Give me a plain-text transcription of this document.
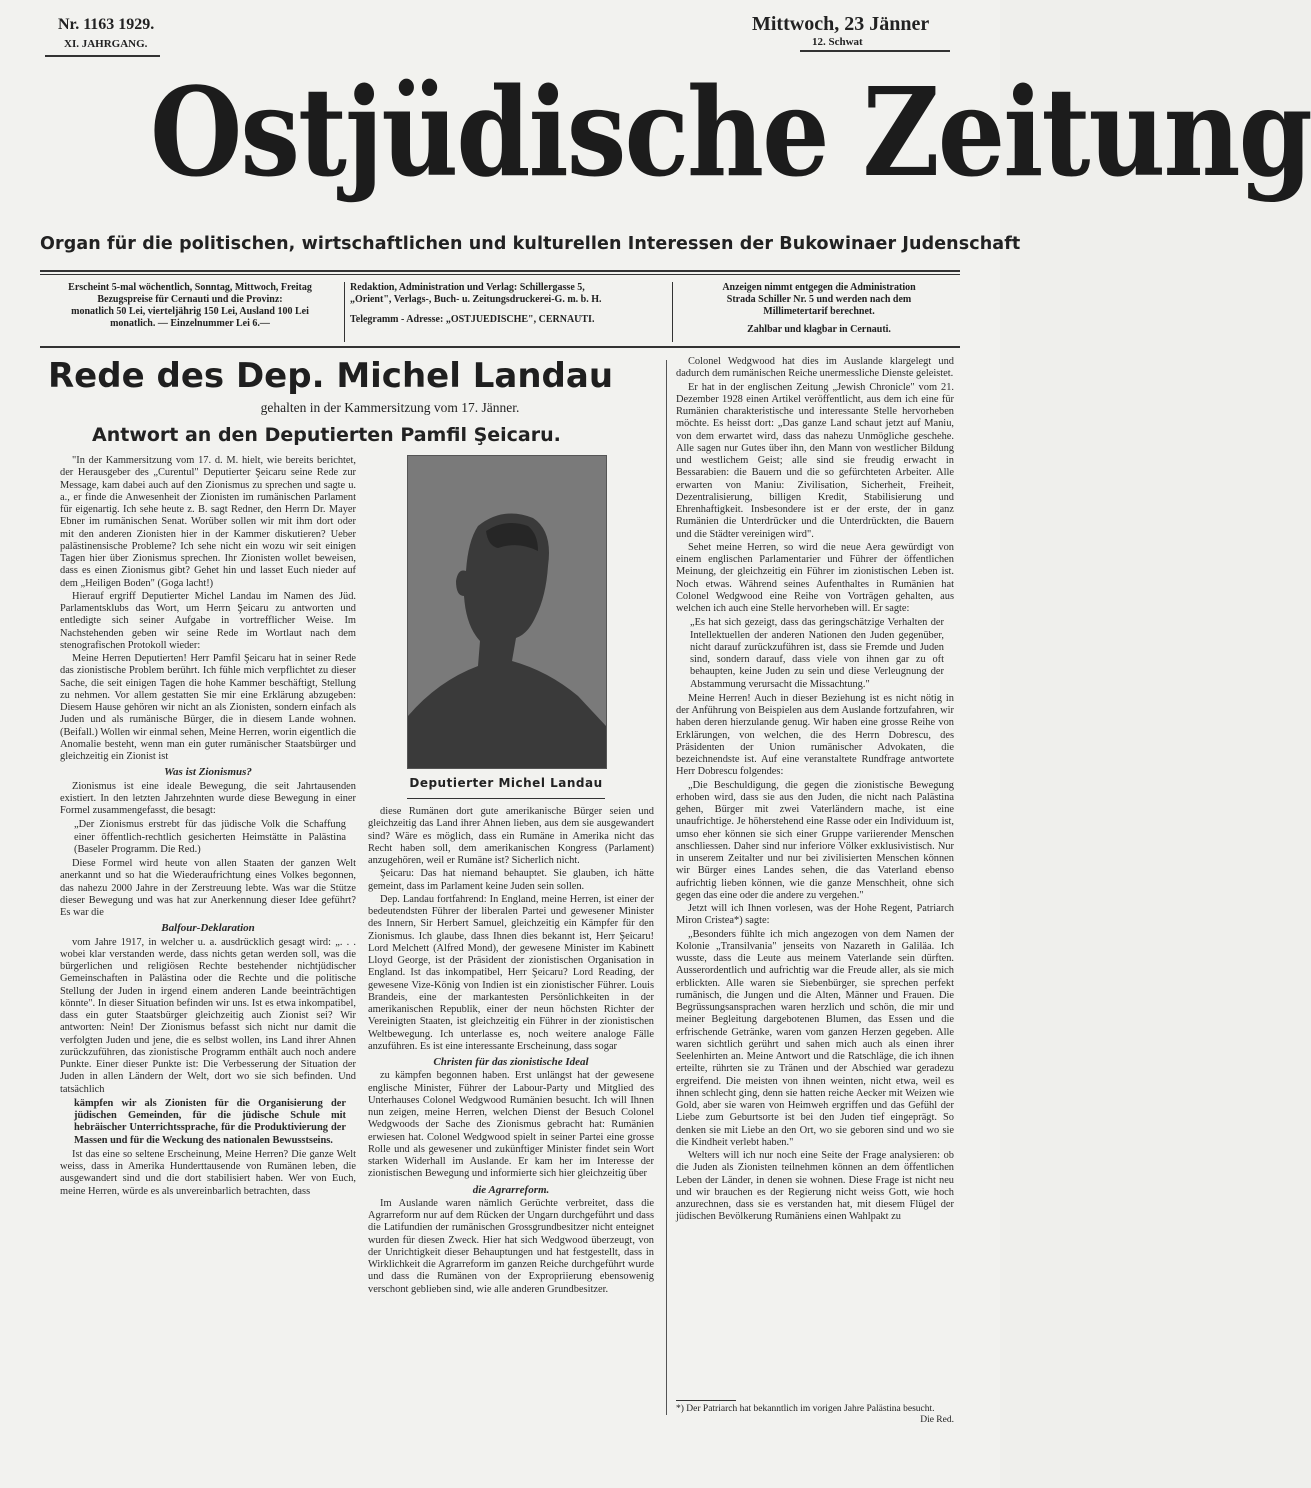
Nr. 1163 1929.
XI. JAHRGANG.
Mittwoch, 23 Jänner
12. Schwat
Ostjüdische Zeitung
Organ für die politischen, wirtschaftlichen und kulturellen Interessen der Bukowinaer Judenschaft
Erscheint 5-mal wöchentlich, Sonntag, Mittwoch, Freitag
Bezugspreise für Cernauti und die Provinz:
monatlich 50 Lei, vierteljährig 150 Lei, Ausland 100 Lei
monatlich. — Einzelnummer Lei 6.—
Redaktion, Administration und Verlag: Schillergasse 5,
„Orient", Verlags-, Buch- u. Zeitungsdruckerei-G. m. b. H.
Telegramm - Adresse: „OSTJUEDISCHE", CERNAUTI.
Anzeigen nimmt entgegen die Administration
Strada Schiller Nr. 5 und werden nach dem
Millimetertarif berechnet.
Zahlbar und klagbar in Cernauti.
Rede des Dep. Michel Landau
gehalten in der Kammersitzung vom 17. Jänner.
Antwort an den Deputierten Pamfil Şeicaru.
Deputierter Michel Landau

"In der Kammersitzung vom 17. d. M. hielt, wie bereits berichtet, der Herausgeber des „Curentul" Deputierter Şeicaru seine Rede zur Message, kam dabei auch auf den Zionismus zu sprechen und sagte u. a., er finde die Anwesenheit der Zionisten im rumänischen Parlament für eigenartig. Ich sehe heute z. B. sagt Redner, den Herrn Dr. Mayer Ebner im rumänischen Senat. Worüber sollen wir mit ihm dort oder mit den anderen Zionisten hier in der Kammer diskutieren? Ueber palästinensische Probleme? Ich sehe nicht ein wozu wir seit einigen Tagen hier über Zionismus sprechen. Ihr Zionisten wollet beweisen, dass es einen Zionismus gibt? Gehet hin und lasset Euch nieder auf dem „Heiligen Boden" (Goga lacht!)

Hierauf ergriff Deputierter Michel Landau im Namen des Jüd. Parlamentsklubs das Wort, um Herrn Şeicaru zu antworten und entledigte sich seiner Aufgabe in vortrefflicher Weise. Im Nachstehenden geben wir seine Rede im Wortlaut nach dem stenografischen Protokoll wieder:

Meine Herren Deputierten! Herr Pamfil Şeicaru hat in seiner Rede das zionistische Problem berührt. Ich fühle mich verpflichtet zu dieser Sache, die seit einigen Tagen die hohe Kammer beschäftigt, Stellung zu nehmen. Vor allem gestatten Sie mir eine Erklärung abzugeben: Diesem Hause gehören wir nicht an als Zionisten, sondern einfach als Juden und als rumänische Bürger, die in diesem Lande wohnen. (Beifall.) Wollen wir einmal sehen, Meine Herren, worin eigentlich die Anomalie besteht, wenn man ein guter rumänischer Staatsbürger und gleichzeitig ein Zionist ist

Was ist Zionismus?

Zionismus ist eine ideale Bewegung, die seit Jahrtausenden existiert. In den letzten Jahrzehnten wurde diese Bewegung in einer Formel zusammengefasst, die besagt:

„Der Zionismus erstrebt für das jüdische Volk die Schaffung einer öffentlich-rechtlich gesicherten Heimstätte in Palästina (Baseler Programm. Die Red.)

Diese Formel wird heute von allen Staaten der ganzen Welt anerkannt und so hat die Wiederaufrichtung eines Volkes begonnen, das nahezu 2000 Jahre in der Zerstreuung lebte. Was war die Stütze dieser Bewegung und was hat zur Anerkennung dieser Idee geführt? Es war die

Balfour-Deklaration

vom Jahre 1917, in welcher u. a. ausdrücklich gesagt wird: „. . . wobei klar verstanden werde, dass nichts getan werden soll, was die bürgerlichen und religiösen Rechte bestehender nichtjüdischer Gemeinschaften in Palästina oder die Rechte und die politische Stellung der Juden in irgend einem anderen Lande beeinträchtigen könnte". In dieser Situation befinden wir uns. Ist es etwa inkompatibel, dass ein guter Staatsbürger gleichzeitig auch Zionist sei? Wir antworten: Nein! Der Zionismus befasst sich nicht nur damit die verfolgten Juden und jene, die es selbst wollen, ins Land ihrer Ahnen zurückzuführen, das zionistische Programm enthält auch noch andere Punkte. Einer dieser Punkte ist: Die Verbesserung der Situation der Juden in allen Ländern der Welt, dort wo sie sich befinden. Und tatsächlich

kämpfen wir als Zionisten für die Organisierung der jüdischen Gemeinden, für die jüdische Schule mit hebräischer Unterrichtssprache, für die Produktivierung der Massen und für die Weckung des nationalen Bewusstseins.

Ist das eine so seltene Erscheinung, Meine Herren? Die ganze Welt weiss, dass in Amerika Hunderttausende von Rumänen leben, die ausgewandert sind und die dort stabilisiert haben. Wer von Euch, meine Herren, würde es als unvereinbarlich betrachten, dass

diese Rumänen dort gute amerikanische Bürger seien und gleichzeitig das Land ihrer Ahnen lieben, aus dem sie ausgewandert sind? Wäre es möglich, dass ein Rumäne in Amerika nicht das Recht haben soll, dem amerikanischen Kongress (Parlament) anzugehören, weil er Rumäne ist? Sicherlich nicht.

Şeicaru: Das hat niemand behauptet. Sie glauben, ich hätte gemeint, dass im Parlament keine Juden sein sollen.

Dep. Landau fortfahrend: In England, meine Herren, ist einer der bedeutendsten Führer der liberalen Partei und gewesener Minister des Innern, Sir Herbert Samuel, gleichzeitig ein Kämpfer für den Zionismus. Ich glaube, dass Ihnen dies bekannt ist, Herr Şeicaru! Lord Melchett (Alfred Mond), der gewesene Minister im Kabinett Lloyd George, ist der Präsident der zionistischen Organisation in England. Ist das inkompatibel, Herr Şeicaru? Lord Reading, der gewesene Vize-König von Indien ist ein zionistischer Führer. Louis Brandeis, eine der markantesten Persönlichkeiten in der amerikanischen Republik, einer der neun höchsten Richter der Vereinigten Staaten, ist gleichzeitig ein Führer in der zionistischen Weltbewegung. Ich unterlasse es, noch weitere analoge Fälle anzuführen. Es ist eine interessante Erscheinung, dass sogar

Christen für das zionistische Ideal

zu kämpfen begonnen haben. Erst unlängst hat der gewesene englische Minister, Führer der Labour-Party und Mitglied des Unterhauses Colonel Wedgwood Rumänien besucht. Ich will Ihnen nun zeigen, meine Herren, welchen Dienst der Besuch Colonel Wedgwoods der Sache des Zionismus gebracht hat: Rumänien erwiesen hat. Colonel Wedgwood spielt in seiner Partei eine grosse Rolle und als gewesener und zukünftiger Minister findet sein Wort starken Widerhall im Auslande. Er kam her im Interesse der zionistischen Bewegung und informierte sich hier gleichzeitig über

die Agrarreform.

Im Auslande waren nämlich Gerüchte verbreitet, dass die Agrarreform nur auf dem Rücken der Ungarn durchgeführt und dass die Latifundien der rumänischen Grossgrundbesitzer nicht enteignet wurden für diesen Zweck. Hier hat sich Wedgwood überzeugt, von der Unrichtigkeit dieser Behauptungen und hat festgestellt, dass in Wirklichkeit die Agrarreform im ganzen Reiche durchgeführt wurde und dass die Rumänen von der Expropriierung ebensowenig verschont geblieben sind, wie alle anderen Grundbesitzer.

Colonel Wedgwood hat dies im Auslande klargelegt und dadurch dem rumänischen Reiche unermessliche Dienste geleistet.

Er hat in der englischen Zeitung „Jewish Chronicle" vom 21. Dezember 1928 einen Artikel veröffentlicht, aus dem ich eine für Rumänien charakteristische und interessante Stelle hervorheben möchte. Es heisst dort: „Das ganze Land schaut jetzt auf Maniu, von dem erwartet wird, dass das nahezu Unmögliche geschehe. Alle sagen nur Gutes über ihn, den Mann von westlicher Bildung und westlichem Geist; alle sind sie freudig erwacht in Bessarabien: die Bauern und die so gefürchteten Arbeiter. Alle erwarten von Maniu: Zivilisation, Sicherheit, Freiheit, Dezentralisierung, billigen Kredit, Stabilisierung und Ehrenhaftigkeit. Insbesondere ist er der erste, der in ganz Rumänien die Unterdrücker und die Unterdrückten, die Bauern und die Städter vereinigen wird".

Sehet meine Herren, so wird die neue Aera gewürdigt von einem englischen Parlamentarier und Führer der öffentlichen Meinung, der gleichzeitig ein Führer im zionistischen Leben ist. Noch etwas. Während seines Aufenthaltes in Rumänien hat Colonel Wedgwood eine Reihe von Vorträgen gehalten, aus welchen ich auch eine Stelle hervorheben will. Er sagte:

„Es hat sich gezeigt, dass das geringschätzige Verhalten der Intellektuellen der anderen Nationen den Juden gegenüber, nicht darauf zurückzuführen ist, dass sie Fremde und Juden sind, sondern darauf, dass viele von ihnen gar zu oft behaupten, keine Juden zu sein und diese Verleugnung der Abstammung verursacht die Missachtung."

Meine Herren! Auch in dieser Beziehung ist es nicht nötig in der Anführung von Beispielen aus dem Auslande fortzufahren, wir haben deren hierzulande genug. Wir haben eine grosse Reihe von Erklärungen, von welchen, die des Herrn Dobrescu, des Präsidenten der Union rumänischer Advokaten, die bezeichnendste ist. Auf eine veranstaltete Rundfrage antwortete Herr Dobrescu folgendes:

„Die Beschuldigung, die gegen die zionistische Bewegung erhoben wird, dass sie aus den Juden, die nicht nach Palästina gehen, Bürger mit zwei Vaterländern mache, ist eine unaufrichtige. Je höherstehend eine Rasse oder ein Individuum ist, umso eher können sie sich einer Gruppe variierender Menschen anschliessen. Daher sind nur inferiore Völker exklusivistisch. Nur in unserem Zeitalter und nur bei zivilisierten Menschen können wir Bürger eines Landes sehen, die das Vaterland ebenso aufrichtig lieben können, wie die ganze Menschheit, ohne sich gegen das eine oder die andere zu vergehen."

Jetzt will ich Ihnen vorlesen, was der Hohe Regent, Patriarch Miron Cristea*) sagte:

„Besonders fühlte ich mich angezogen von dem Namen der Kolonie „Transilvania" jenseits von Nazareth in Galiläa. Ich wusste, dass die Leute aus meinem Vaterlande sein dürften. Ausserordentlich und aufrichtig war die Freude aller, als sie mich erblickten. Alle waren sie Siebenbürger, sie sprechen perfekt rumänisch, die Jungen und die Alten, Männer und Frauen. Die Begrüssungsansprachen waren herzlich und schön, die mir und meiner Begleitung dargebotenen Blumen, das Essen und die erfrischende Getränke, waren vom ganzen Herzen gegeben. Alle waren sichtlich gerührt und sahen mich auch als einen ihrer Seelenhirten an. Meine Antwort und die Ratschläge, die ich ihnen erteilte, rührten sie zu Tränen und der Abschied war geradezu ergreifend. Die meisten von ihnen weinten, nicht etwa, weil es ihnen schlecht ging, denn sie hatten reiche Aecker mit Weizen wie Gold, aber sie waren von Heimweh ergriffen und das Gefühl der Liebe zum Geburtsorte ist bei den Juden tief eingeprägt. So denken sie mit Liebe an den Ort, wo sie geboren sind und wo sie die Kindheit verlebt haben."

Welters will ich nur noch eine Seite der Frage analysieren: ob die Juden als Zionisten teilnehmen können an dem öffentlichen Leben der Länder, in denen sie wohnen. Diese Frage ist nicht neu und wir brauchen es der Regierung nicht weiss Gott, wie hoch anzurechnen, dass sie es verstanden hat, mit diesem Flügel der jüdischen Bevölkerung Rumäniens einen Wahlpakt zu

*) Der Patriarch hat bekanntlich im vorigen Jahre Palästina besucht.
Die Red.
